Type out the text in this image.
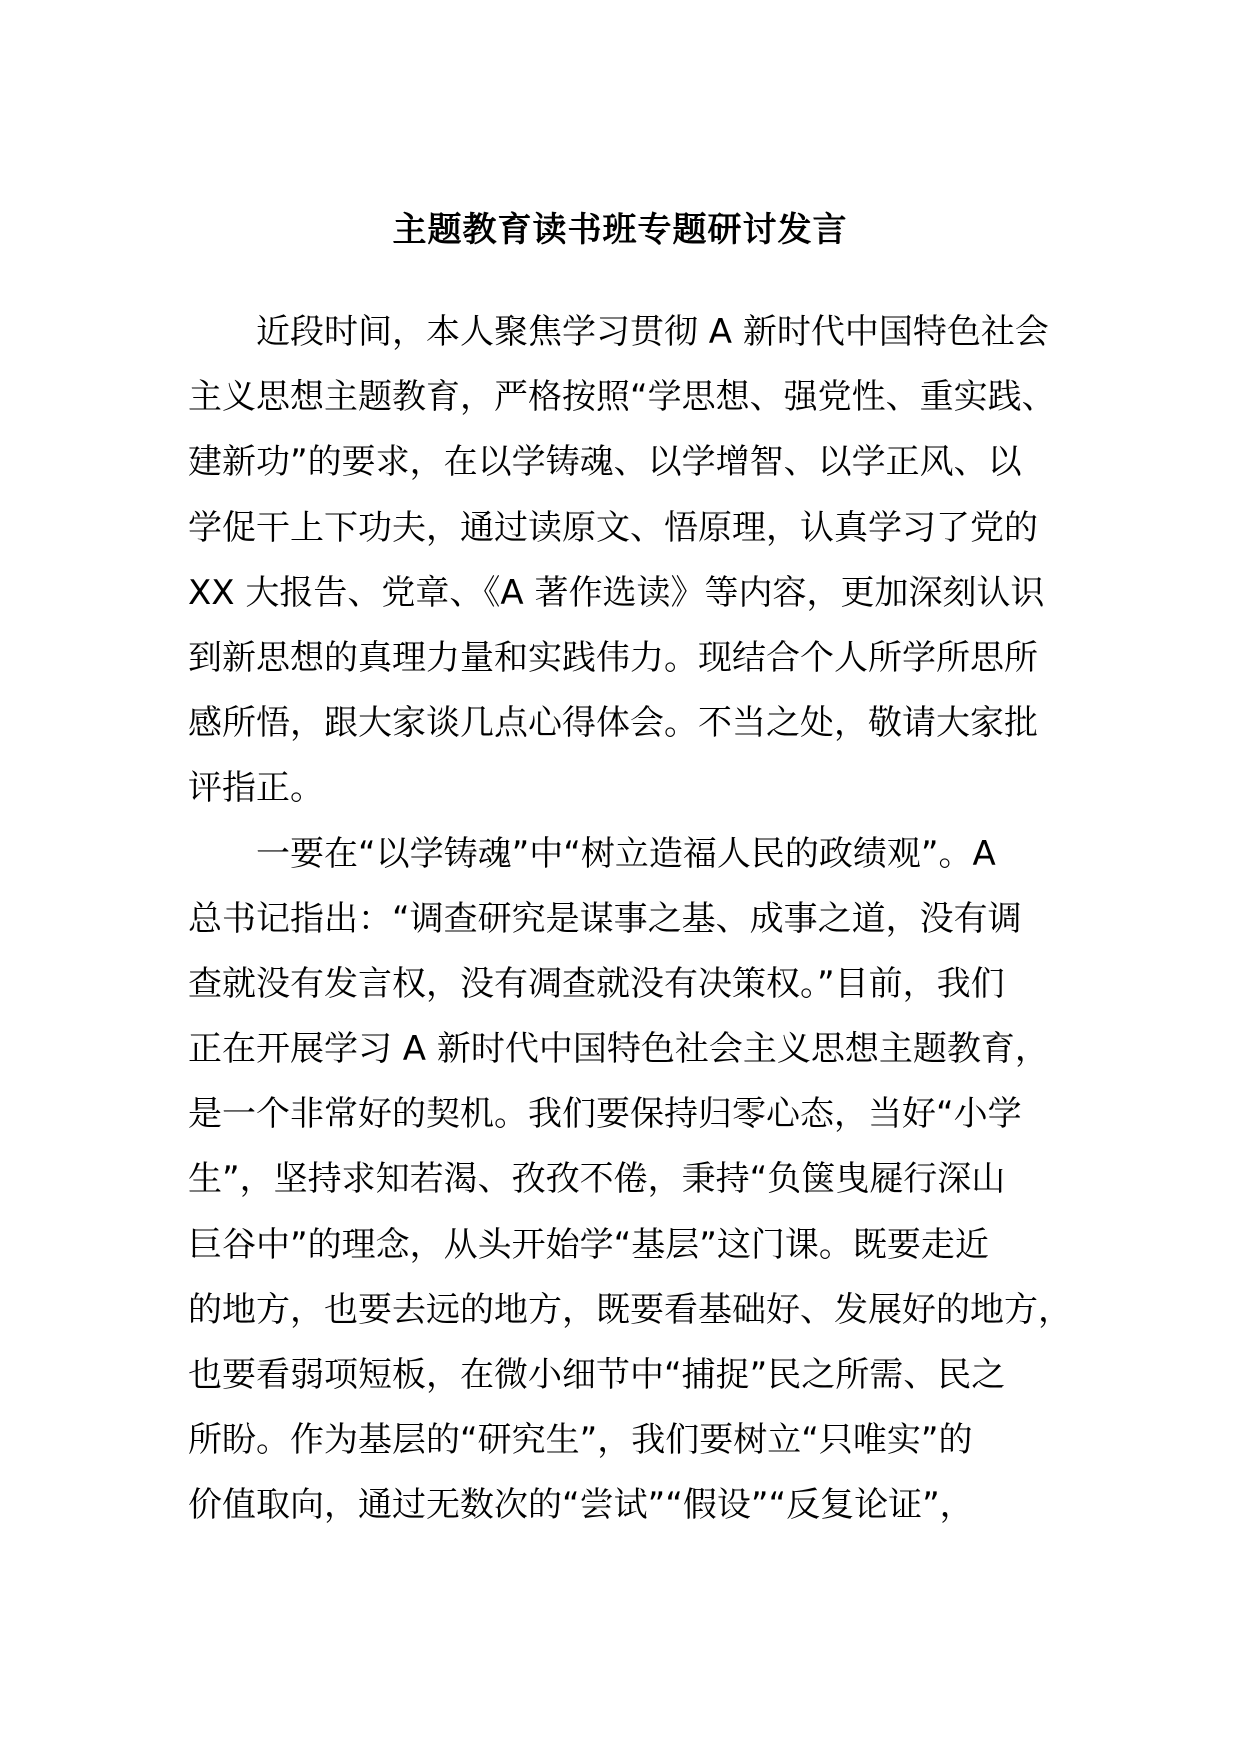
主题教育读书班专题研讨发言
近段时间，本人聚焦学习贯彻 A 新时代中国特色社会
主义思想主题教育，严格按照“学思想、强党性、重实践、
建新功”的要求，在以学铸魂、以学增智、以学正风、以
学促干上下功夫，通过读原文、悟原理，认真学习了党的
XX 大报告、党章、《A 著作选读》等内容，更加深刻认识
到新思想的真理力量和实践伟力。现结合个人所学所思所
感所悟，跟大家谈几点心得体会。不当之处，敬请大家批
评指正。
一要在“以学铸魂”中“树立造福人民的政绩观”。A
总书记指出：“调查研究是谋事之基、成事之道，没有调
查就没有发言权，没有凋查就没有决策权。”目前，我们
正在开展学习 A 新时代中国特色社会主义思想主题教育，
是一个非常好的契机。我们要保持归零心态，当好“小学
生”，坚持求知若渴、孜孜不倦，秉持“负箧曳屣行深山
巨谷中”的理念，从头开始学“基层”这门课。既要走近
的地方，也要去远的地方，既要看基础好、发展好的地方，
也要看弱项短板，在微小细节中“捕捉”民之所需、民之
所盼。作为基层的“研究生”，我们要树立“只唯实”的
价值取向，通过无数次的“尝试”“假设”“反复论证”，
